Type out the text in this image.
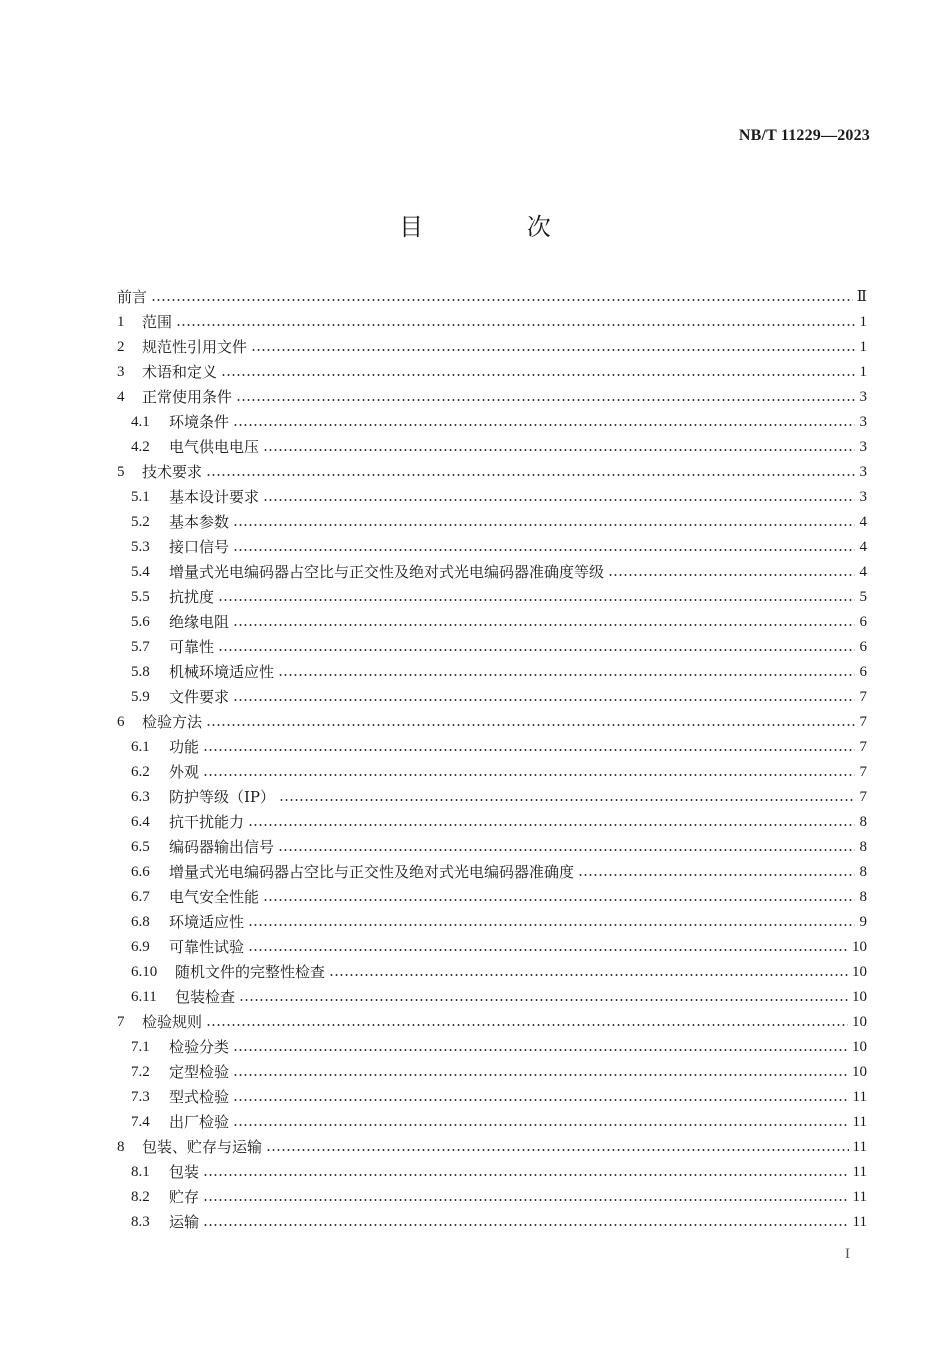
NB/T 11229—2023
目 次
前言	Ⅱ
1	范围	1
2	规范性引用文件	1
3	术语和定义	1
4	正常使用条件	3
4.1	环境条件	3
4.2	电气供电电压	3
5	技术要求	3
5.1	基本设计要求	3
5.2	基本参数	4
5.3	接口信号	4
5.4	增量式光电编码器占空比与正交性及绝对式光电编码器准确度等级	4
5.5	抗扰度	5
5.6	绝缘电阻	6
5.7	可靠性	6
5.8	机械环境适应性	6
5.9	文件要求	7
6	检验方法	7
6.1	功能	7
6.2	外观	7
6.3	防护等级（IP）	7
6.4	抗干扰能力	8
6.5	编码器输出信号	8
6.6	增量式光电编码器占空比与正交性及绝对式光电编码器准确度	8
6.7	电气安全性能	8
6.8	环境适应性	9
6.9	可靠性试验	10
6.10	随机文件的完整性检查	10
6.11	包装检查	10
7	检验规则	10
7.1	检验分类	10
7.2	定型检验	10
7.3	型式检验	11
7.4	出厂检验	11
8	包装、贮存与运输	11
8.1	包装	11
8.2	贮存	11
8.3	运输	11
I
